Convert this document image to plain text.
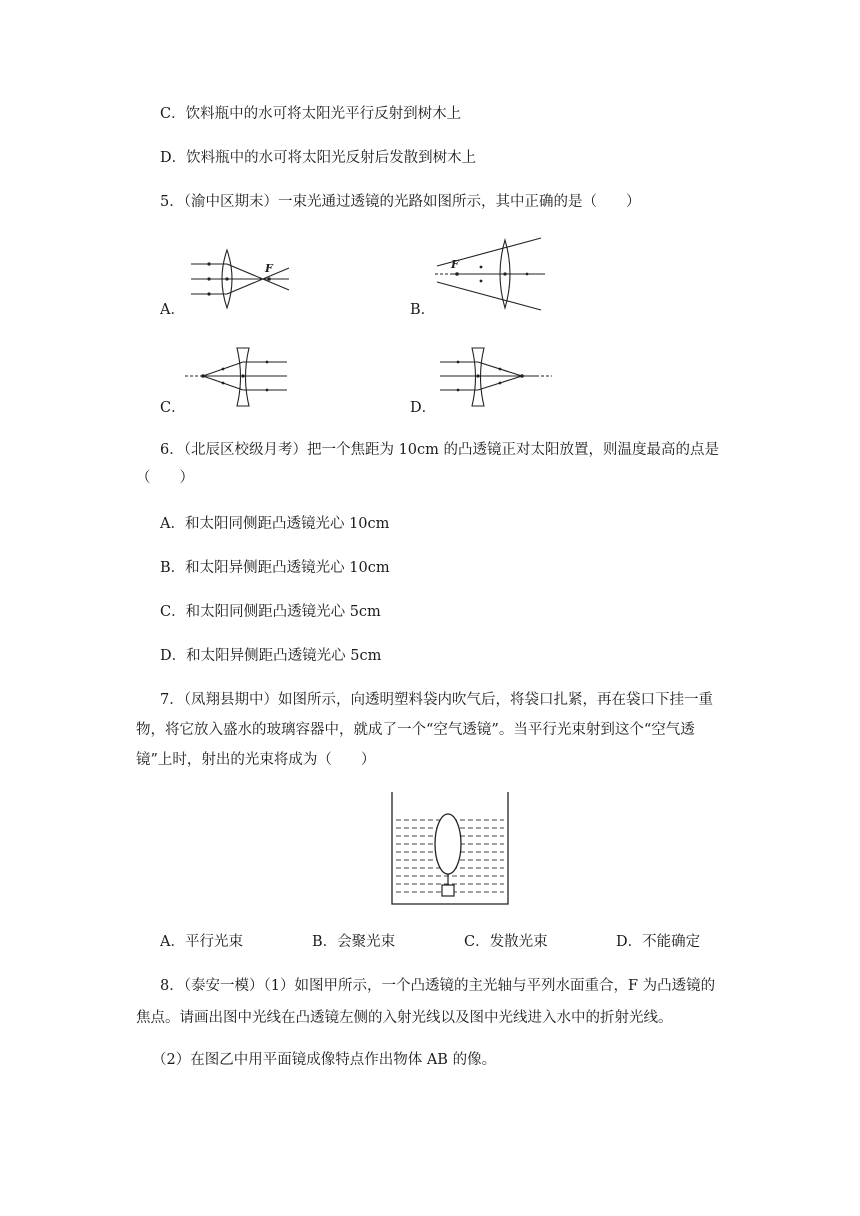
C．饮料瓶中的水可将太阳光平行反射到树木上
D．饮料瓶中的水可将太阳光反射后发散到树木上
5．（渝中区期末）一束光通过透镜的光路如图所示，其中正确的是（　　）
A．
F
B．
F
C．	D．
6．（北辰区校级月考）把一个焦距为 10cm 的凸透镜正对太阳放置，则温度最高的点是
（　　）
A．和太阳同侧距凸透镜光心 10cm
B．和太阳异侧距凸透镜光心 10cm
C．和太阳同侧距凸透镜光心 5cm
D．和太阳异侧距凸透镜光心 5cm
7．（凤翔县期中）如图所示，向透明塑料袋内吹气后，将袋口扎紧，再在袋口下挂一重
物，将它放入盛水的玻璃容器中，就成了一个“空气透镜”。当平行光束射到这个“空气透
镜”上时，射出的光束将成为（　　）
A．平行光束	B．会聚光束	C．发散光束	D．不能确定
8．（泰安一模）（1）如图甲所示，一个凸透镜的主光轴与平列水面重合，F 为凸透镜的
焦点。请画出图中光线在凸透镜左侧的入射光线以及图中光线进入水中的折射光线。
（2）在图乙中用平面镜成像特点作出物体 AB 的像。
